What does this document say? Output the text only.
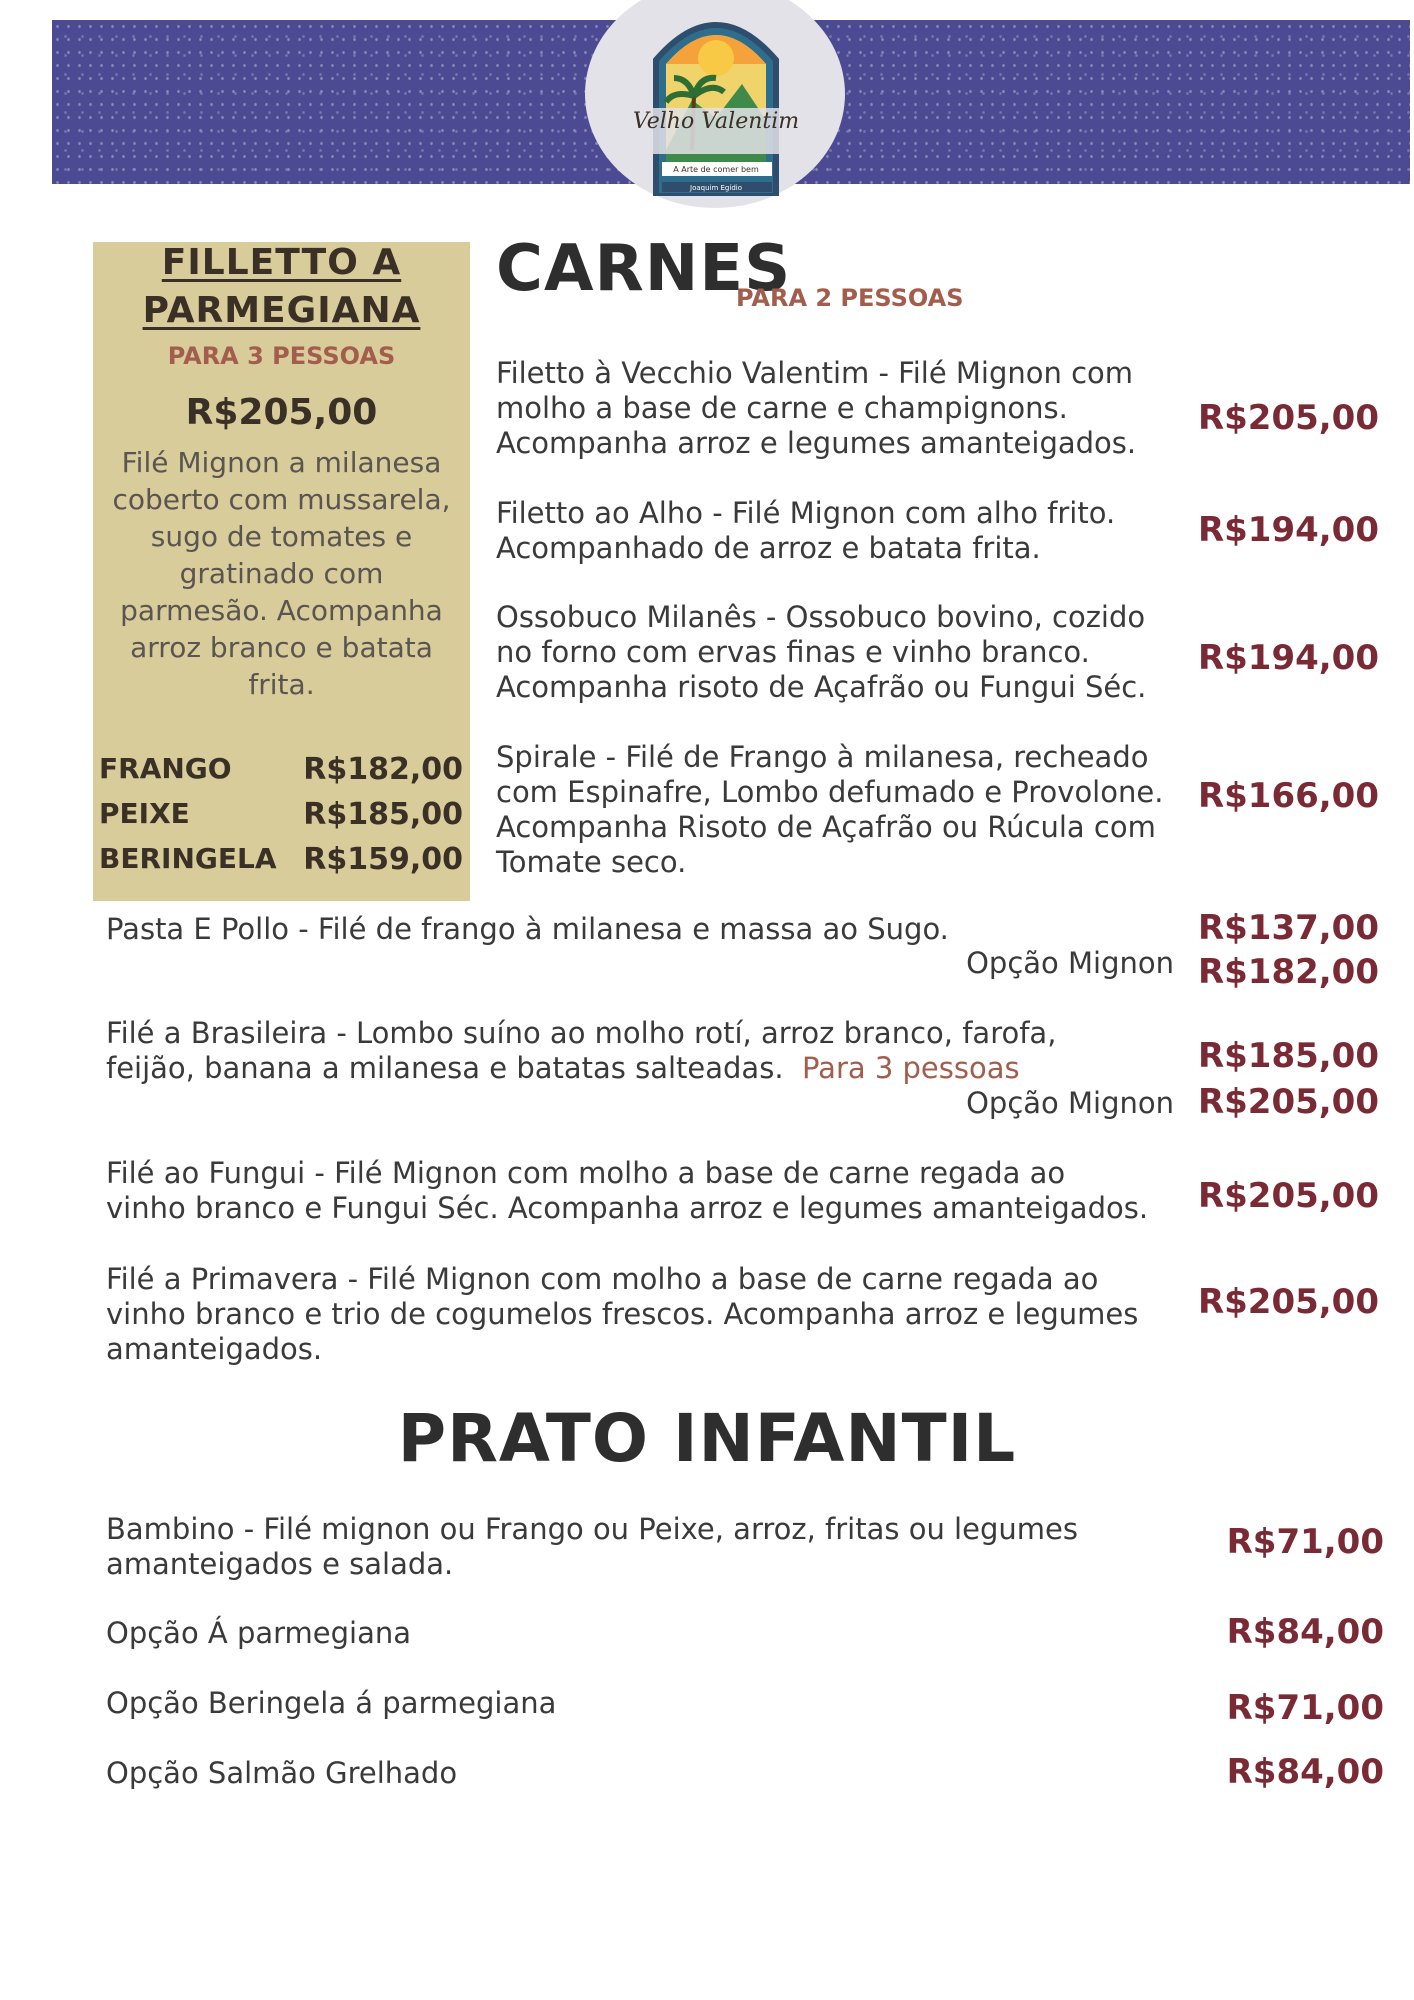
Velho Valentim
A Arte de comer bem
Joaquim Egídio
FILLETTO A
PARMEGIANA
PARA 3 PESSOAS
R$205,00
Filé Mignon a milanesa
coberto com mussarela,
sugo de tomates e
gratinado com
parmesão. Acompanha
arroz branco e batata
frita.
FRANGO R$182,00
PEIXE	R$185,00
BERINGELA R$159,00
CARNES
PARA 2 PESSOAS
Filetto à Vecchio Valentim - Filé Mignon com
molho a base de carne e champignons.
Acompanha arroz e legumes amanteigados.
R$205,00
Filetto ao Alho - Filé Mignon com alho frito.
Acompanhado de arroz e batata frita.	R$194,00
Ossobuco Milanês - Ossobuco bovino, cozido
no forno com ervas finas e vinho branco.
Acompanha risoto de Açafrão ou Fungui Séc.
R$194,00
Spirale - Filé de Frango à milanesa, recheado
com Espinafre, Lombo defumado e Provolone.
Acompanha Risoto de Açafrão ou Rúcula com
Tomate seco.
R$166,00
Pasta E Pollo - Filé de frango à milanesa e massa ao Sugo.	R$137,00
Opção Mignon R$182,00
Filé a Brasileira - Lombo suíno ao molho rotí, arroz branco, farofa,
feijão, banana a milanesa e batatas salteadas. Para 3 pessoas	R$185,00
Opção Mignon R$205,00
Filé ao Fungui - Filé Mignon com molho a base de carne regada ao
vinho branco e Fungui Séc. Acompanha arroz e legumes amanteigados. R$205,00
Filé a Primavera - Filé Mignon com molho a base de carne regada ao
vinho branco e trio de cogumelos frescos. Acompanha arroz e legumes
amanteigados.
R$205,00
PRATO INFANTIL
Bambino - Filé mignon ou Frango ou Peixe, arroz, fritas ou legumes
amanteigados e salada.
R$71,00
Opção Á parmegiana	R$84,00
Opção Beringela á parmegiana	R$71,00
Opção Salmão Grelhado	R$84,00
